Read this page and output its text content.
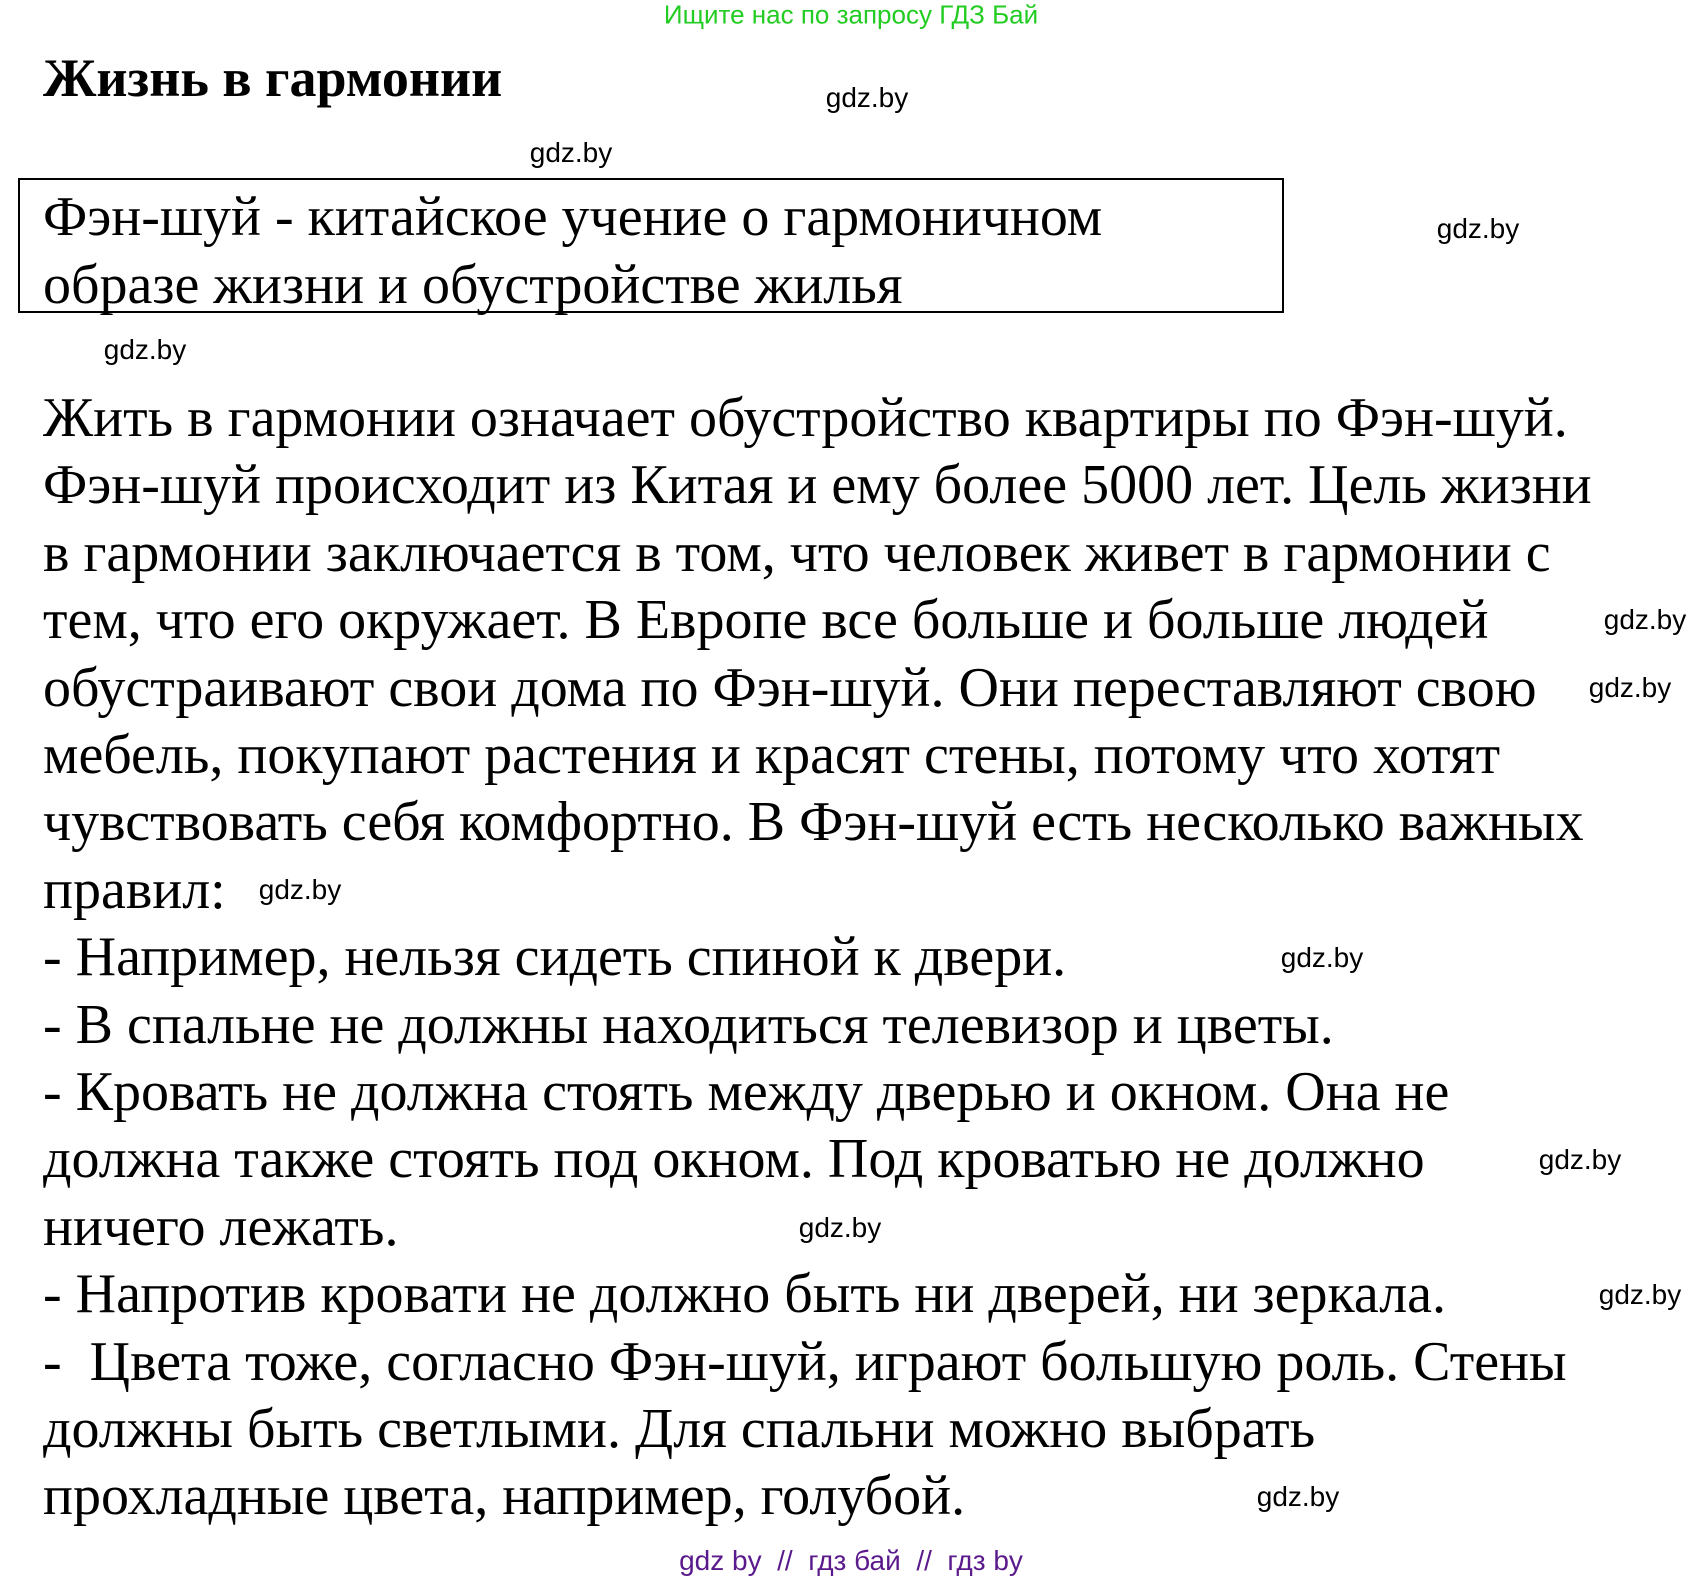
Ищите нас по запросу ГДЗ Бай
Жизнь в гармонии
Фэн-шуй - китайское учение о гармоничном
образе жизни и обустройстве жилья
Жить в гармонии означает обустройство квартиры по Фэн-шуй.
Фэн-шуй происходит из Китая и ему более 5000 лет. Цель жизни
в гармонии заключается в том, что человек живет в гармонии с
тем, что его окружает. В Европе все больше и больше людей
обустраивают свои дома по Фэн-шуй. Они переставляют свою
мебель, покупают растения и красят стены, потому что хотят
чувствовать себя комфортно. В Фэн-шуй есть несколько важных
правил:
- Например, нельзя сидеть спиной к двери.
- В спальне не должны находиться телевизор и цветы.
- Кровать не должна стоять между дверью и окном. Она не
должна также стоять под окном. Под кроватью не должно
ничего лежать.
- Напротив кровати не должно быть ни дверей, ни зеркала.
-  Цвета тоже, согласно Фэн-шуй, играют большую роль. Стены
должны быть светлыми. Для спальни можно выбрать
прохладные цвета, например, голубой.
gdz.by
gdz.by
gdz.by
gdz.by
gdz.by
gdz.by
gdz.by
gdz.by
gdz.by
gdz.by
gdz.by
gdz.by
gdz by  //  гдз бай  //  гдз by
